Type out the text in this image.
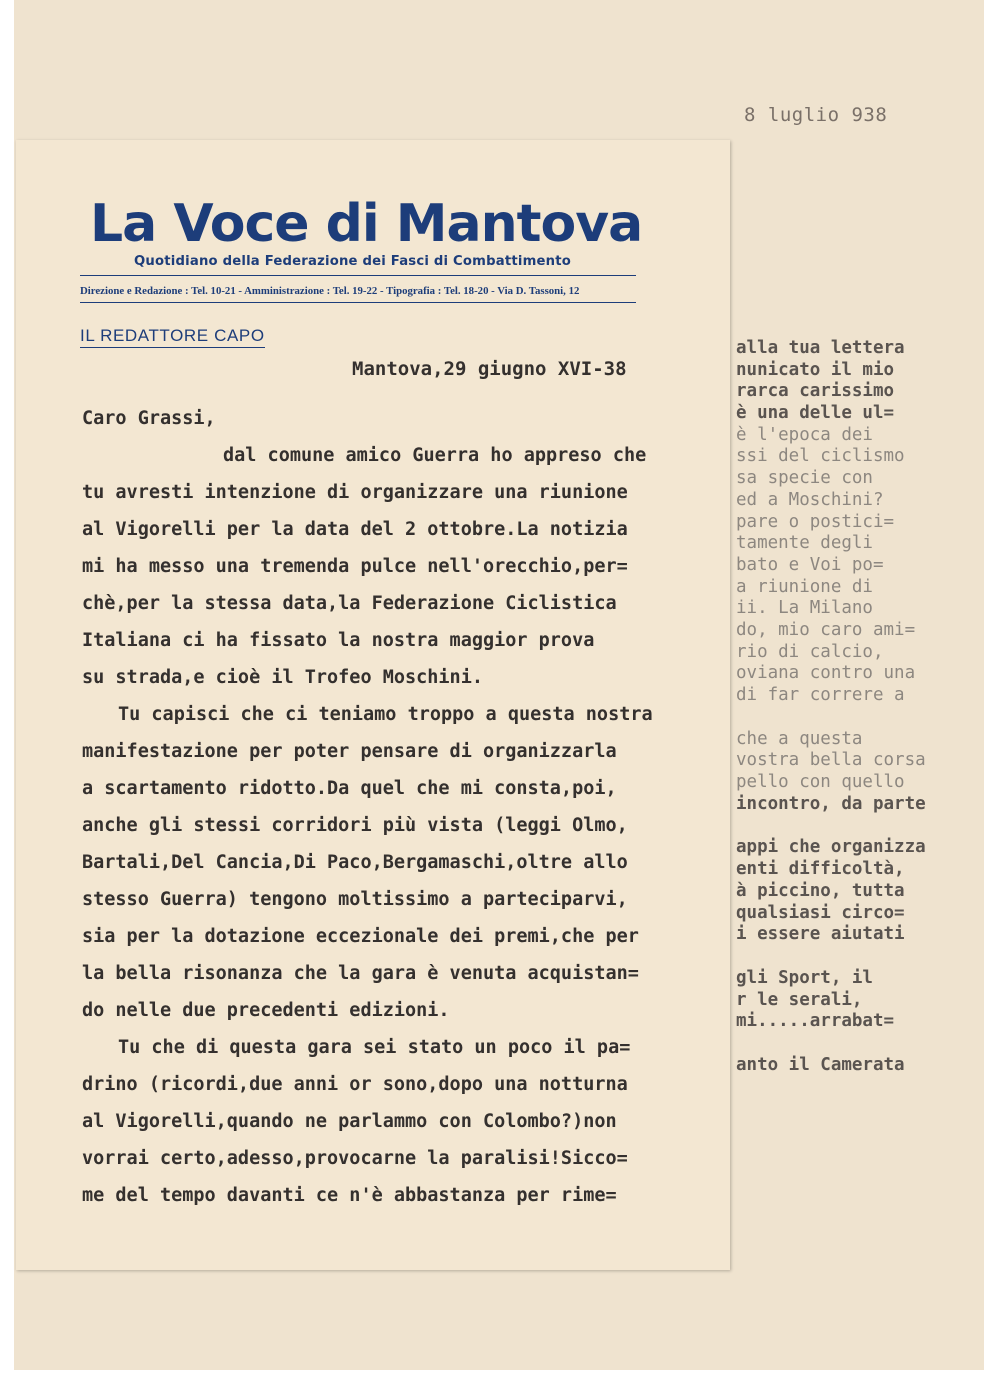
8 luglio 938
alla tua lettera
nunicato il mio
rarca carissimo
è una delle ul=
è l'epoca dei
ssi del ciclismo
sa specie con
ed a Moschini?
pare o postici=
tamente degli
bato e Voi po=
a riunione di
ii. La Milano
do, mio caro ami=
rio di calcio,
oviana contro una
di far correre a
che a questa
vostra bella corsa
pello con quello
incontro, da parte
appi che organizza
enti difficoltà,
à piccino, tutta
qualsiasi circo=
i essere aiutati
gli Sport, il
r le serali,
mi.....arrabat=
anto il Camerata
La Voce di Mantova
Quotidiano della Federazione dei Fasci di Combattimento
Direzione e Redazione : Tel. 10-21 - Amministrazione : Tel. 19-22 - Tipografia : Tel. 18-20 - Via D. Tassoni, 12
IL REDATTORE CAPO
Mantova,29 giugno XVI-38
Caro Grassi,
dal comune amico Guerra ho appreso che
tu avresti intenzione di organizzare una riunione
al Vigorelli per la data del 2 ottobre.La notizia
mi ha messo una tremenda pulce nell'orecchio,per=
chè,per la stessa data,la Federazione Ciclistica
Italiana ci ha fissato la nostra maggior prova
su strada,e cioè il Trofeo Moschini.
Tu capisci che ci teniamo troppo a questa nostra
manifestazione per poter pensare di organizzarla
a scartamento ridotto.Da quel che mi consta,poi,
anche gli stessi corridori più vista (leggi Olmo,
Bartali,Del Cancia,Di Paco,Bergamaschi,oltre allo
stesso Guerra) tengono moltissimo a parteciparvi,
sia per la dotazione eccezionale dei premi,che per
la bella risonanza che la gara è venuta acquistan=
do nelle due precedenti edizioni.
Tu che di questa gara sei stato un poco il pa=
drino (ricordi,due anni or sono,dopo una notturna
al Vigorelli,quando ne parlammo con Colombo?)non
vorrai certo,adesso,provocarne la paralisi!Sicco=
me del tempo davanti ce n'è abbastanza per rime=
